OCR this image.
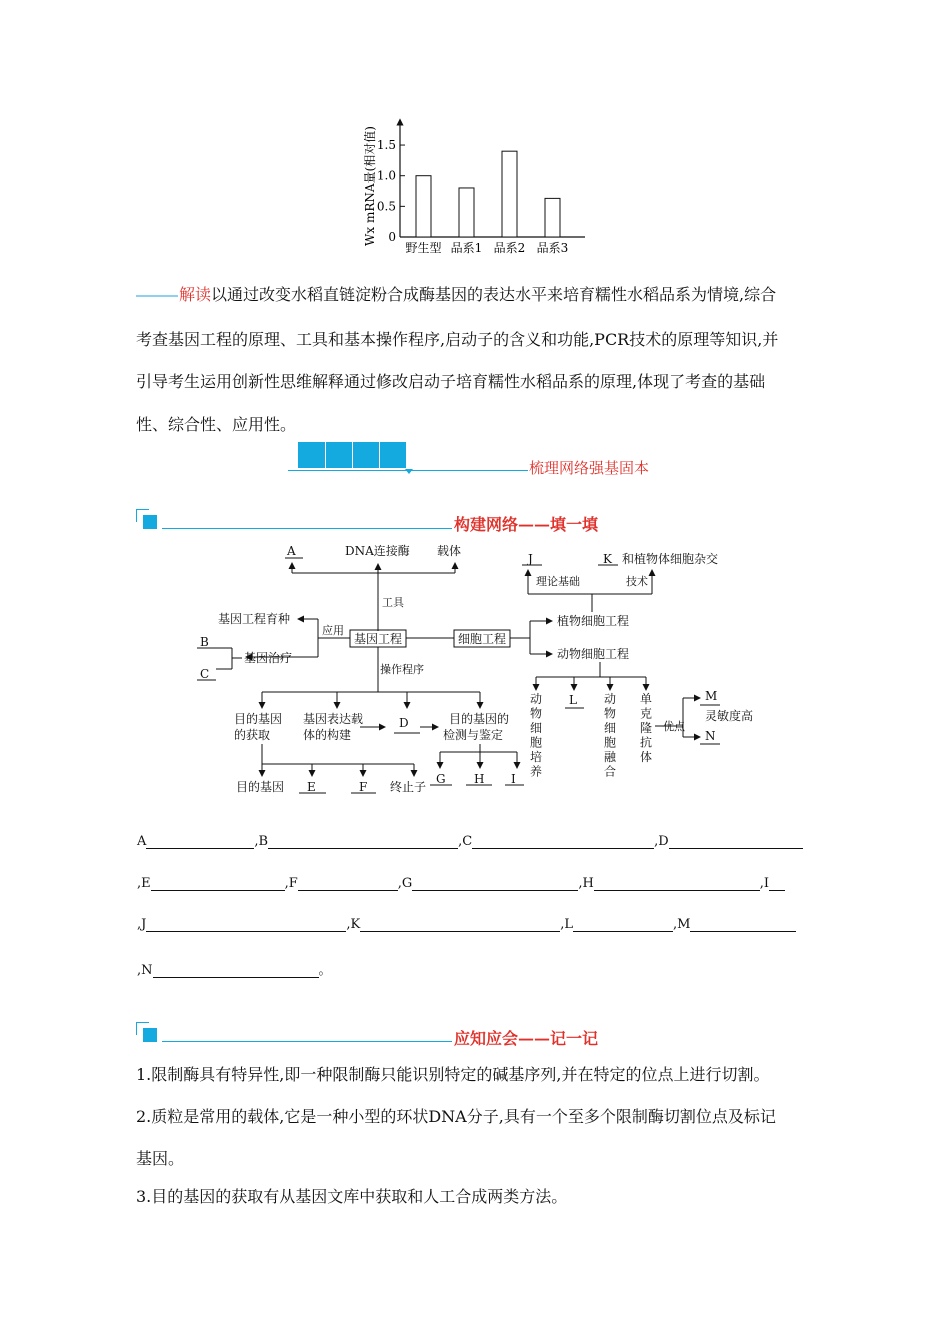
0
0.5
1.0
1.5
野生型 品系1 品系2 品系3
Wx mRNA量(相对值)
解读以通过改变水稻直链淀粉合成酶基因的表达水平来培育糯性水稻品系为情境,综合
考查基因工程的原理、工具和基本操作程序,启动子的含义和功能,PCR技术的原理等知识,并
引导考生运用创新性思维解释通过修改启动子培育糯性水稻品系的原理,体现了考查的基础
性、综合性、应用性。
梳理网络强基固本
构建网络——填一填
A	DNA连接酶 载体
工具
应用
基因工程育种
基因治疗
B
C
基因工程	细胞工程
操作程序
目的基因
的获取
基因表达载
体的构建
D	目的基因的
检测与鉴定
目的基因 E	F 终止子
G H I
J	K 和植物体细胞杂交
理论基础	技术
植物细胞工程
动物细胞工程
L
优点
M
灵敏度高
N
动
物
细
胞
培
养
动
物
细
胞
融
合
单
克
隆
抗
体
A	,B	,C	,D
,E	,F	,G	,H	,I
,J	,K	,L	,M
,N	。
应知应会——记一记
1.限制酶具有特异性,即一种限制酶只能识别特定的碱基序列,并在特定的位点上进行切割。
2.质粒是常用的载体,它是一种小型的环状DNA分子,具有一个至多个限制酶切割位点及标记
基因。
3.目的基因的获取有从基因文库中获取和人工合成两类方法。
